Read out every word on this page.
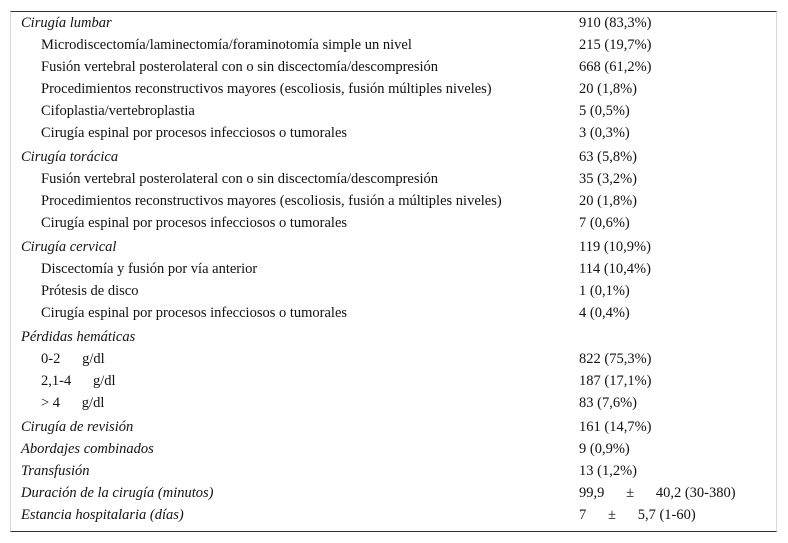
Cirugía lumbar	910 (83,3%)
Microdiscectomía/laminectomía/foraminotomía simple un nivel	215 (19,7%)
Fusión vertebral posterolateral con o sin discectomía/descompresión	668 (61,2%)
Procedimientos reconstructivos mayores (escoliosis, fusión múltiples niveles)	20 (1,8%)
Cifoplastia/vertebroplastia	5 (0,5%)
Cirugía espinal por procesos infecciosos o tumorales	3 (0,3%)
Cirugía torácica	63 (5,8%)
Fusión vertebral posterolateral con o sin discectomía/descompresión	35 (3,2%)
Procedimientos reconstructivos mayores (escoliosis, fusión a múltiples niveles)	20 (1,8%)
Cirugía espinal por procesos infecciosos o tumorales	7 (0,6%)
Cirugía cervical	119 (10,9%)
Discectomía y fusión por vía anterior	114 (10,4%)
Prótesis de disco	1 (0,1%)
Cirugía espinal por procesos infecciosos o tumorales	4 (0,4%)
Pérdidas hemáticas
0-2  g/dl	822 (75,3%)
2,1-4  g/dl	187 (17,1%)
> 4  g/dl	83 (7,6%)
Cirugía de revisión	161 (14,7%)
Abordajes combinados	9 (0,9%)
Transfusión	13 (1,2%)
Duración de la cirugía (minutos)	99,9  ±  40,2 (30-380)
Estancia hospitalaria (días)	7  ±  5,7 (1-60)
